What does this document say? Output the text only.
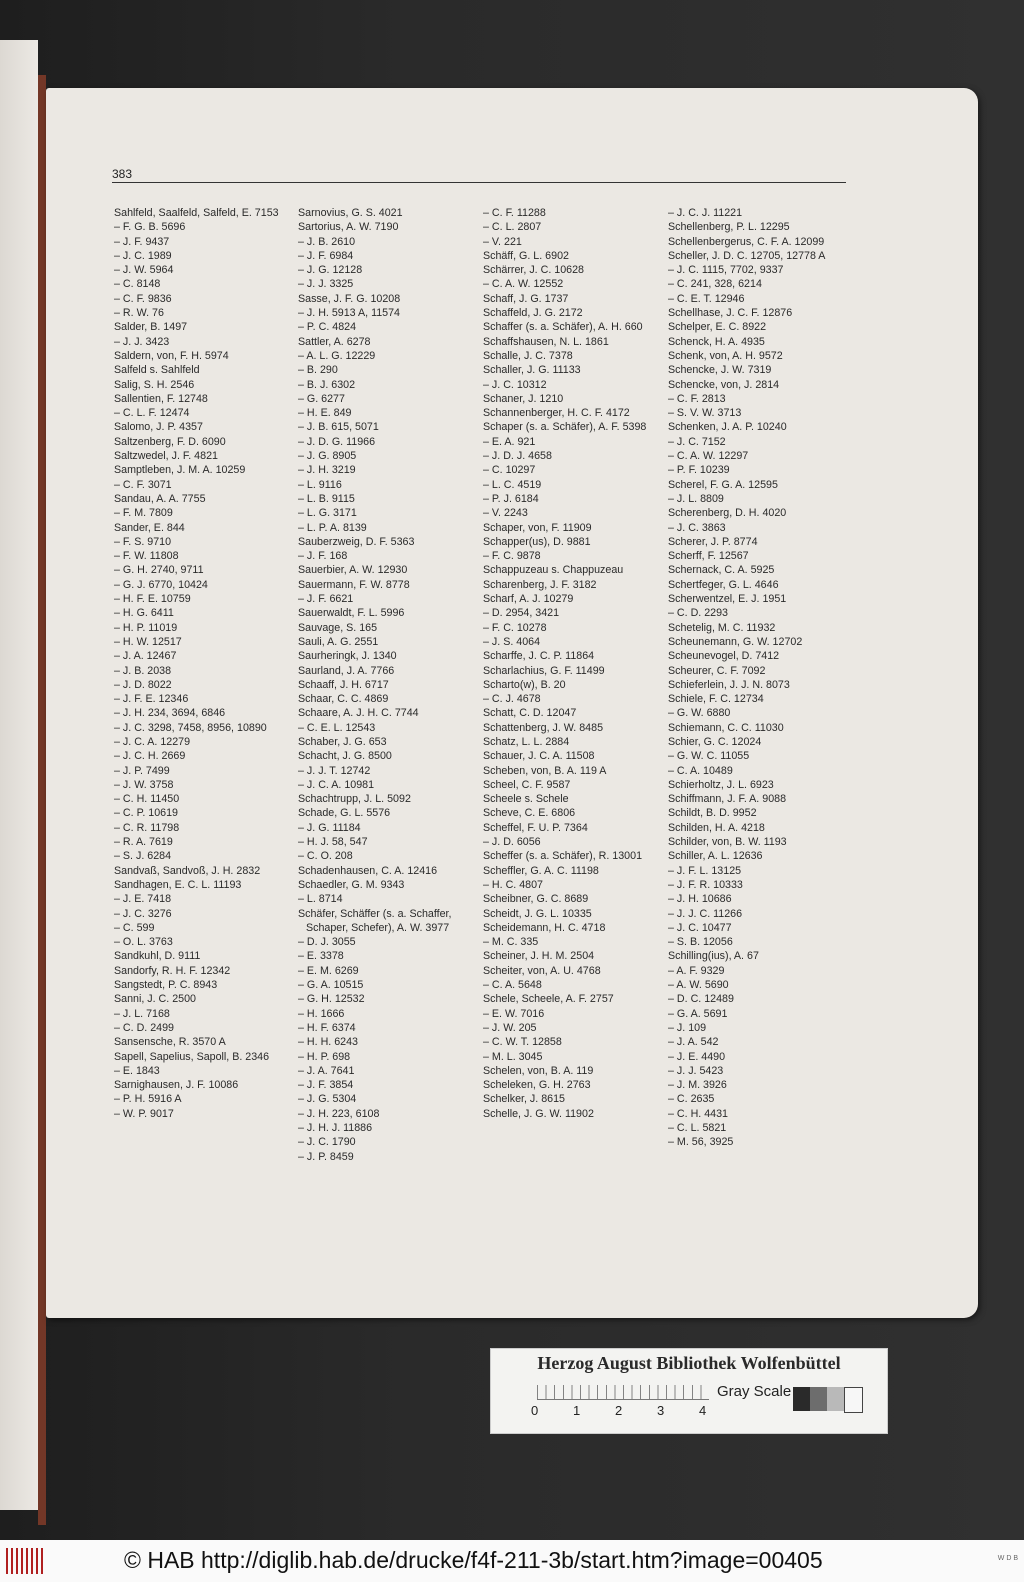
383
Sahlfeld, Saalfeld, Salfeld, E. 7153
– F. G. B. 5696
– J. F. 9437
– J. C. 1989
– J. W. 5964
– C. 8148
– C. F. 9836
– R. W. 76
Salder, B. 1497
– J. J. 3423
Saldern, von, F. H. 5974
Salfeld s. Sahlfeld
Salig, S. H. 2546
Sallentien, F. 12748
– C. L. F. 12474
Salomo, J. P. 4357
Saltzenberg, F. D. 6090
Saltzwedel, J. F. 4821
Samptleben, J. M. A. 10259
– C. F. 3071
Sandau, A. A. 7755
– F. M. 7809
Sander, E. 844
– F. S. 9710
– F. W. 11808
– G. H. 2740, 9711
– G. J. 6770, 10424
– H. F. E. 10759
– H. G. 6411
– H. P. 11019
– H. W. 12517
– J. A. 12467
– J. B. 2038
– J. D. 8022
– J. F. E. 12346
– J. H. 234, 3694, 6846
– J. C. 3298, 7458, 8956, 10890
– J. C. A. 12279
– J. C. H. 2669
– J. P. 7499
– J. W. 3758
– C. H. 11450
– C. P. 10619
– C. R. 11798
– R. A. 7619
– S. J. 6284
Sandvaß, Sandvoß, J. H. 2832
Sandhagen, E. C. L. 11193
– J. E. 7418
– J. C. 3276
– C. 599
– O. L. 3763
Sandkuhl, D. 9111
Sandorfy, R. H. F. 12342
Sangstedt, P. C. 8943
Sanni, J. C. 2500
– J. L. 7168
– C. D. 2499
Sansensche, R. 3570 A
Sapell, Sapelius, Sapoll, B. 2346
– E. 1843
Sarnighausen, J. F. 10086
– P. H. 5916 A
– W. P. 9017
Sarnovius, G. S. 4021
Sartorius, A. W. 7190
– J. B. 2610
– J. F. 6984
– J. G. 12128
– J. J. 3325
Sasse, J. F. G. 10208
– J. H. 5913 A, 11574
– P. C. 4824
Sattler, A. 6278
– A. L. G. 12229
– B. 290
– B. J. 6302
– G. 6277
– H. E. 849
– J. B. 615, 5071
– J. D. G. 11966
– J. G. 8905
– J. H. 3219
– L. 9116
– L. B. 9115
– L. G. 3171
– L. P. A. 8139
Sauberzweig, D. F. 5363
– J. F. 168
Sauerbier, A. W. 12930
Sauermann, F. W. 8778
– J. F. 6621
Sauerwaldt, F. L. 5996
Sauvage, S. 165
Sauli, A. G. 2551
Saurheringk, J. 1340
Saurland, J. A. 7766
Schaaff, J. H. 6717
Schaar, C. C. 4869
Schaare, A. J. H. C. 7744
– C. E. L. 12543
Schaber, J. G. 653
Schacht, J. G. 8500
– J. J. T. 12742
– J. C. A. 10981
Schachtrupp, J. L. 5092
Schade, G. L. 5576
– J. G. 11184
– H. J. 58, 547
– C. O. 208
Schadenhausen, C. A. 12416
Schaedler, G. M. 9343
– L. 8714
Schäfer, Schäffer (s. a. Schaffer, Schaper, Schefer), A. W. 3977
– D. J. 3055
– E. 3378
– E. M. 6269
– G. A. 10515
– G. H. 12532
– H. 1666
– H. F. 6374
– H. H. 6243
– H. P. 698
– J. A. 7641
– J. F. 3854
– J. G. 5304
– J. H. 223, 6108
– J. H. J. 11886
– J. C. 1790
– J. P. 8459
– C. F. 11288
– C. L. 2807
– V. 221
Schäff, G. L. 6902
Schärrer, J. C. 10628
– C. A. W. 12552
Schaff, J. G. 1737
Schaffeld, J. G. 2172
Schaffer (s. a. Schäfer), A. H. 660
Schaffshausen, N. L. 1861
Schalle, J. C. 7378
Schaller, J. G. 11133
– J. C. 10312
Schaner, J. 1210
Schannenberger, H. C. F. 4172
Schaper (s. a. Schäfer), A. F. 5398
– E. A. 921
– J. D. J. 4658
– C. 10297
– L. C. 4519
– P. J. 6184
– V. 2243
Schaper, von, F. 11909
Schapper(us), D. 9881
– F. C. 9878
Schappuzeau s. Chappuzeau
Scharenberg, J. F. 3182
Scharf, A. J. 10279
– D. 2954, 3421
– F. C. 10278
– J. S. 4064
Scharffe, J. C. P. 11864
Scharlachius, G. F. 11499
Scharto(w), B. 20
– C. J. 4678
Schatt, C. D. 12047
Schattenberg, J. W. 8485
Schatz, L. L. 2884
Schauer, J. C. A. 11508
Scheben, von, B. A. 119 A
Scheel, C. F. 9587
Scheele s. Schele
Scheve, C. E. 6806
Scheffel, F. U. P. 7364
– J. D. 6056
Scheffer (s. a. Schäfer), R. 13001
Scheffler, G. A. C. 11198
– H. C. 4807
Scheibner, G. C. 8689
Scheidt, J. G. L. 10335
Scheidemann, H. C. 4718
– M. C. 335
Scheiner, J. H. M. 2504
Scheiter, von, A. U. 4768
– C. A. 5648
Schele, Scheele, A. F. 2757
– E. W. 7016
– J. W. 205
– C. W. T. 12858
– M. L. 3045
Schelen, von, B. A. 119
Scheleken, G. H. 2763
Schelker, J. 8615
Schelle, J. G. W. 11902
– J. C. J. 11221
Schellenberg, P. L. 12295
Schellenbergerus, C. F. A. 12099
Scheller, J. D. C. 12705, 12778 A
– J. C. 1115, 7702, 9337
– C. 241, 328, 6214
– C. E. T. 12946
Schellhase, J. C. F. 12876
Schelper, E. C. 8922
Schenck, H. A. 4935
Schenk, von, A. H. 9572
Schencke, J. W. 7319
Schencke, von, J. 2814
– C. F. 2813
– S. V. W. 3713
Schenken, J. A. P. 10240
– J. C. 7152
– C. A. W. 12297
– P. F. 10239
Scherel, F. G. A. 12595
– J. L. 8809
Scherenberg, D. H. 4020
– J. C. 3863
Scherer, J. P. 8774
Scherff, F. 12567
Schernack, C. A. 5925
Schertfeger, G. L. 4646
Scherwentzel, E. J. 1951
– C. D. 2293
Schetelig, M. C. 11932
Scheunemann, G. W. 12702
Scheunevogel, D. 7412
Scheurer, C. F. 7092
Schieferlein, J. J. N. 8073
Schiele, F. C. 12734
– G. W. 6880
Schiemann, C. C. 11030
Schier, G. C. 12024
– G. W. C. 11055
– C. A. 10489
Schierholtz, J. L. 6923
Schiffmann, J. F. A. 9088
Schildt, B. D. 9952
Schilden, H. A. 4218
Schilder, von, B. W. 1193
Schiller, A. L. 12636
– J. F. L. 13125
– J. F. R. 10333
– J. H. 10686
– J. J. C. 11266
– J. C. 10477
– S. B. 12056
Schilling(ius), A. 67
– A. F. 9329
– A. W. 5690
– D. C. 12489
– G. A. 5691
– J. 109
– J. A. 542
– J. E. 4490
– J. J. 5423
– J. M. 3926
– C. 2635
– C. H. 4431
– C. L. 5821
– M. 56, 3925
Herzog August Bibliothek Wolfenbüttel
Gray Scale
0	1	2	3	4
© HAB http://diglib.hab.de/drucke/f4f-211-3b/start.htm?image=00405	W D B
